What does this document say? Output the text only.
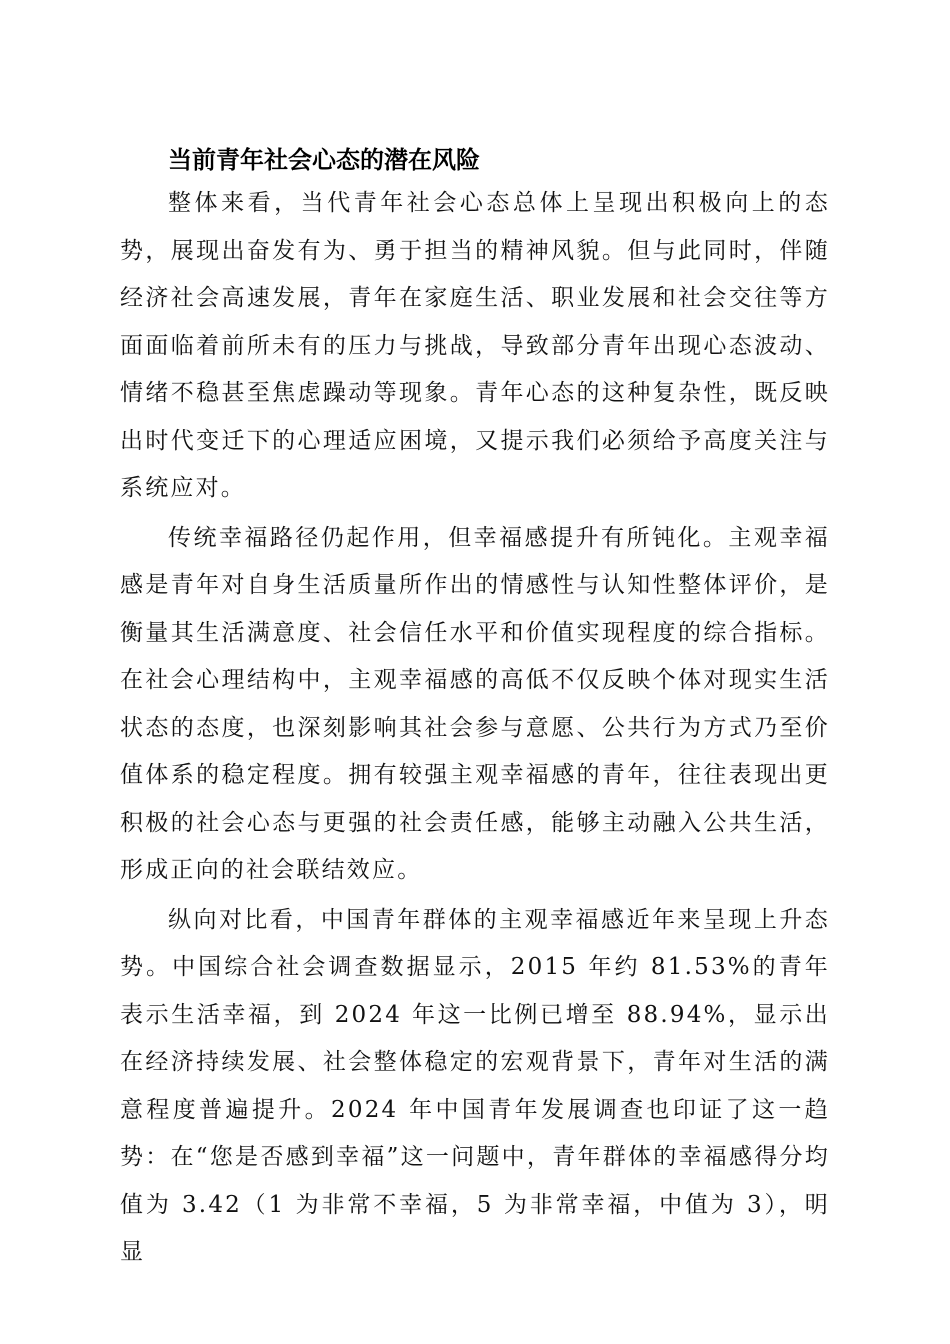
当前青年社会心态的潜在风险

整体来看，当代青年社会心态总体上呈现出积极向上的态势，展现出奋发有为、勇于担当的精神风貌。但与此同时，伴随经济社会高速发展，青年在家庭生活、职业发展和社会交往等方面面临着前所未有的压力与挑战，导致部分青年出现心态波动、情绪不稳甚至焦虑躁动等现象。青年心态的这种复杂性，既反映出时代变迁下的心理适应困境，又提示我们必须给予高度关注与系统应对。

传统幸福路径仍起作用，但幸福感提升有所钝化。主观幸福感是青年对自身生活质量所作出的情感性与认知性整体评价，是衡量其生活满意度、社会信任水平和价值实现程度的综合指标。在社会心理结构中，主观幸福感的高低不仅反映个体对现实生活状态的态度，也深刻影响其社会参与意愿、公共行为方式乃至价值体系的稳定程度。拥有较强主观幸福感的青年，往往表现出更积极的社会心态与更强的社会责任感，能够主动融入公共生活，形成正向的社会联结效应。

纵向对比看，中国青年群体的主观幸福感近年来呈现上升态势。中国综合社会调查数据显示，2015 年约 81.53%的青年表示生活幸福，到 2024 年这一比例已增至 88.94%，显示出在经济持续发展、社会整体稳定的宏观背景下，青年对生活的满意程度普遍提升。2024 年中国青年发展调查也印证了这一趋势：在“您是否感到幸福”这一问题中，青年群体的幸福感得分均值为 3.42（1 为非常不幸福，5 为非常幸福，中值为 3），明显
